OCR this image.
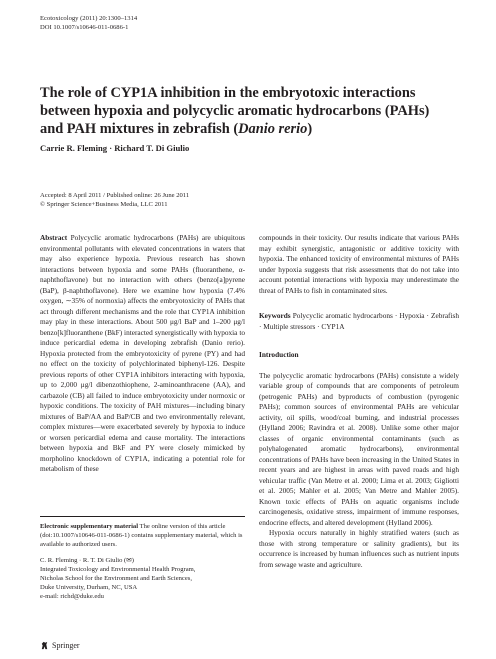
Ecotoxicology (2011) 20:1300–1314
DOI 10.1007/s10646-011-0686-1
The role of CYP1A inhibition in the embryotoxic interactions
between hypoxia and polycyclic aromatic hydrocarbons (PAHs)
and PAH mixtures in zebrafish (Danio rerio)
Carrie R. Fleming · Richard T. Di Giulio
Accepted: 8 April 2011 / Published online: 26 June 2011
© Springer Science+Business Media, LLC 2011

Abstract Polycyclic aromatic hydrocarbons (PAHs) are ubiquitous environmental pollutants with elevated concentrations in waters that may also experience hypoxia. Previous research has shown interactions between hypoxia and some PAHs (fluoranthene, α-naphthoflavone) but no interaction with others (benzo[a]pyrene (BaP), β-naphthoflavone). Here we examine how hypoxia (7.4% oxygen, ∼35% of normoxia) affects the embryotoxicity of PAHs that act through different mechanisms and the role that CYP1A inhibition may play in these interactions. About 500 μg/l BaP and 1–200 μg/l benzo[k]fluoranthene (BkF) interacted synergistically with hypoxia to induce pericardial edema in developing zebrafish (Danio rerio). Hypoxia protected from the embryotoxicity of pyrene (PY) and had no effect on the toxicity of polychlorinated biphenyl-126. Despite previous reports of other CYP1A inhibitors interacting with hypoxia, up to 2,000 μg/l dibenzothiophene, 2-aminoanthracene (AA), and carbazole (CB) all failed to induce embryotoxicity under normoxic or hypoxic conditions. The toxicity of PAH mixtures—including binary mixtures of BaP/AA and BaP/CB and two environmentally relevant, complex mixtures—were exacerbated severely by hypoxia to induce or worsen pericardial edema and cause mortality. The interactions between hypoxia and BkF and PY were closely mimicked by morpholino knockdown of CYP1A, indicating a potential role for metabolism of these

Electronic supplementary material The online version of this article (doi:10.1007/s10646-011-0686-1) contains supplementary material, which is available to authorized users.
C. R. Fleming · R. T. Di Giulio (✉)
Integrated Toxicology and Environmental Health Program,
Nicholas School for the Environment and Earth Sciences,
Duke University, Durham, NC, USA
e-mail: richd@duke.edu

compounds in their toxicity. Our results indicate that various PAHs may exhibit synergistic, antagonistic or additive toxicity with hypoxia. The enhanced toxicity of environmental mixtures of PAHs under hypoxia suggests that risk assessments that do not take into account potential interactions with hypoxia may underestimate the threat of PAHs to fish in contaminated sites.

Keywords Polycyclic aromatic hydrocarbons · Hypoxia · Zebrafish · Multiple stressors · CYP1A

Introduction

The polycyclic aromatic hydrocarbons (PAHs) consistute a widely variable group of compounds that are components of petroleum (petrogenic PAHs) and byproducts of combustion (pyrogenic PAHs); common sources of environmental PAHs are vehicular activity, oil spills, wood/coal burning, and industrial processes (Hylland 2006; Ravindra et al. 2008). Unlike some other major classes of organic environmental contaminants (such as polyhalogenated aromatic hydrocarbons), environmental concentrations of PAHs have been increasing in the United States in recent years and are highest in areas with paved roads and high vehicular traffic (Van Metre et al. 2000; Lima et al. 2003; Gigliotti et al. 2005; Mahler et al. 2005; Van Metre and Mahler 2005). Known toxic effects of PAHs on aquatic organisms include carcinogenesis, oxidative stress, impairment of immune responses, endocrine effects, and altered development (Hylland 2006).

Hypoxia occurs naturally in highly stratified waters (such as those with strong temperature or salinity gradients), but its occurrence is increased by human influences such as nutrient inputs from sewage waste and agriculture.

Springer
